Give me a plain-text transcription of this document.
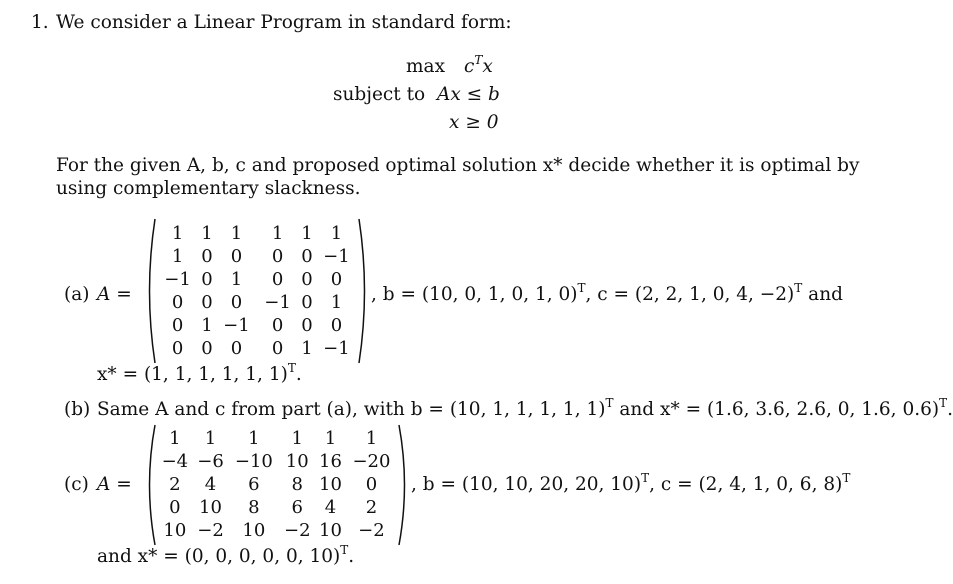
1. We consider a Linear Program in standard form:
$\max c^Tx$
subject to Ax ≤ b
x ≥ 0
For the given A, b, c and proposed optimal solution x* decide whether it is optimal by
using complementary slackness.
(a) A =
1	1	1	1	1	1
1	0	0	0	0	−1
−1	0	1	0	0	0
0	0	0	−1	0	1
0	1	−1	0	0	0
0	0	0	0	1	−1
, b = (10, 0, 1, 0, 1, 0)$^T$, c = (2, 2, 1, 0, 4, −2)$^T$ and
x* = (1, 1, 1, 1, 1, 1)$^T$.
(b) Same A and c from part (a), with b = (10, 1, 1, 1, 1, 1)$^T$ and x* = (1.6, 3.6, 2.6, 0, 1.6, 0.6)$^T$.
(c) A =
1	1	1	1	1	1
−4	−6	−10	10	16	−20
2	4	6	8	10	0
0	10	8	6	4	2
10	−2	10	−2	10	−2
, b = (10, 10, 20, 20, 10)$^T$, c = (2, 4, 1, 0, 6, 8)$^T$
and x* = (0, 0, 0, 0, 0, 10)$^T$.
